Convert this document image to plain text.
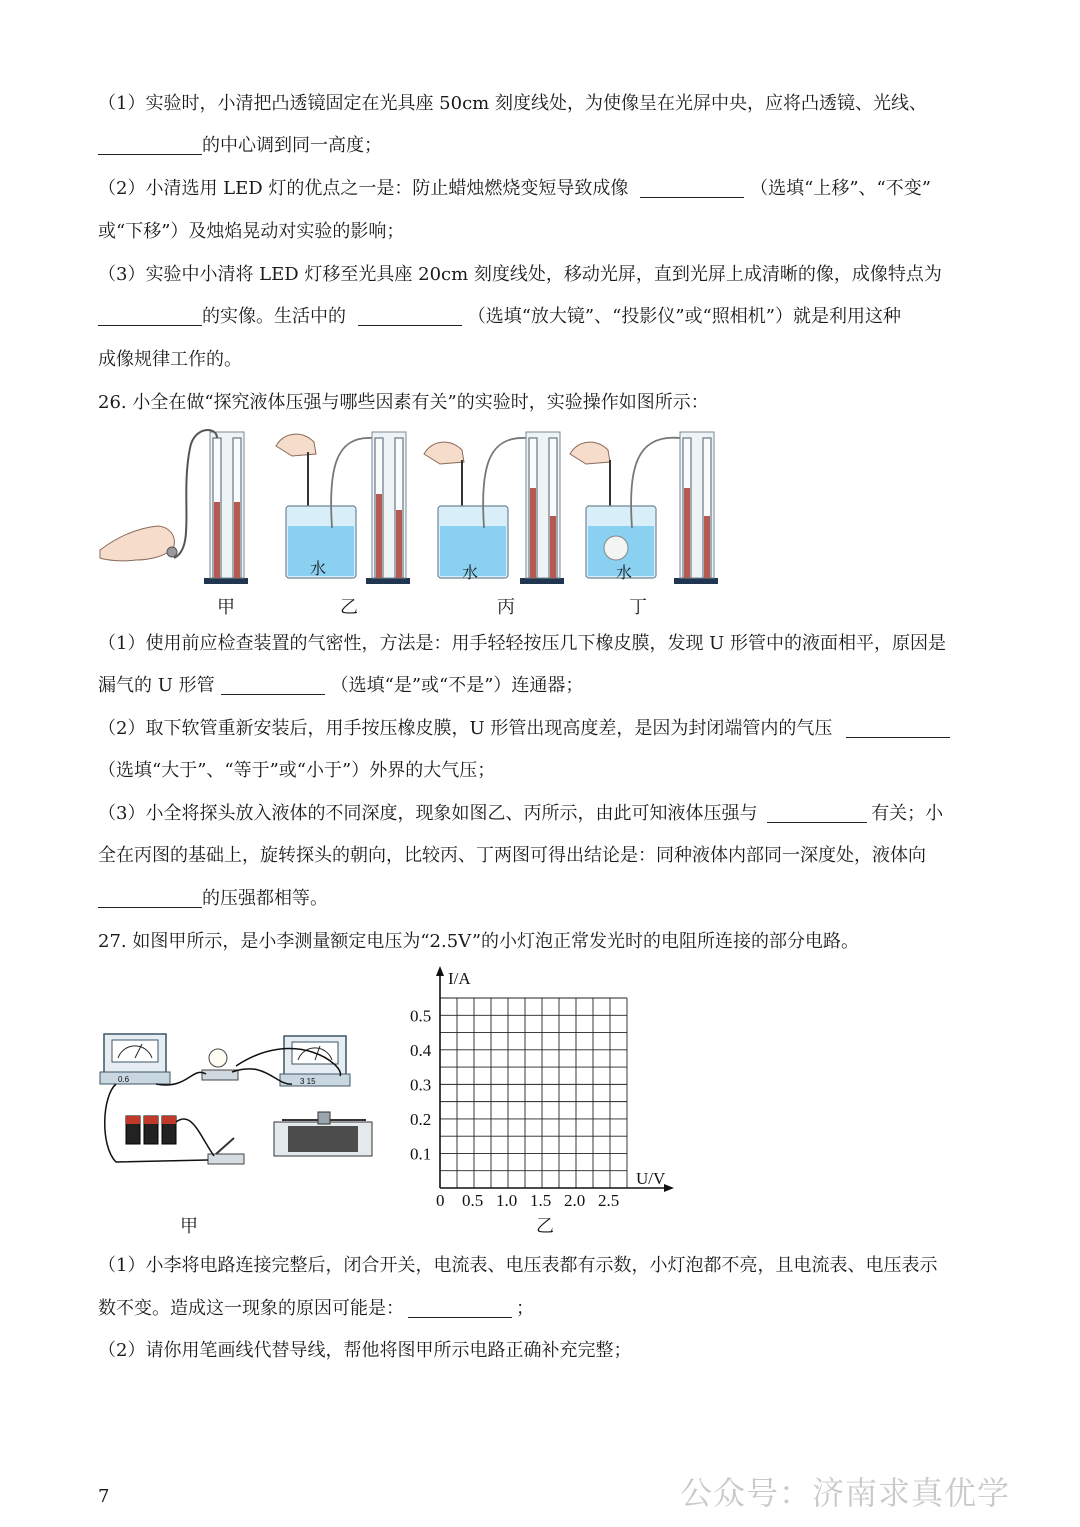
（1）实验时，小清把凸透镜固定在光具座 50cm 刻度线处，为使像呈在光屏中央，应将凸透镜、光线、
的中心调到同一高度；
（2）小清选用 LED 灯的优点之一是：防止蜡烛燃烧变短导致成像	（选填“上移”、“不变”
或“下移”）及烛焰晃动对实验的影响；
（3）实验中小清将 LED 灯移至光具座 20cm 刻度线处，移动光屏，直到光屏上成清晰的像，成像特点为
的实像。生活中的	（选填“放大镜”、“投影仪”或“照相机”）就是利用这种
成像规律工作的。
26. 小全在做“探究液体压强与哪些因素有关”的实验时，实验操作如图所示：
水	水	水
甲	乙	丙	丁
（1）使用前应检查装置的气密性，方法是：用手轻轻按压几下橡皮膜，发现 U 形管中的液面相平，原因是
漏气的 U 形管	（选填“是”或“不是”）连通器；
（2）取下软管重新安装后，用手按压橡皮膜，U 形管出现高度差，是因为封闭端管内的气压
（选填“大于”、“等于”或“小于”）外界的大气压；
（3）小全将探头放入液体的不同深度，现象如图乙、丙所示，由此可知液体压强与	有关；小
全在丙图的基础上，旋转探头的朝向，比较丙、丁两图可得出结论是：同种液体内部同一深度处，液体向
的压强都相等。
27. 如图甲所示，是小李测量额定电压为“2.5V”的小灯泡正常发光时的电阻所连接的部分电路。
0.6	3 15
甲
I/A
U/V
0.5
0.4
0.3
0.2
0.1
0 0.5 1.0 1.5 2.0 2.5
乙
（1）小李将电路连接完整后，闭合开关，电流表、电压表都有示数，小灯泡都不亮，且电流表、电压表示
数不变。造成这一现象的原因可能是：	；
（2）请你用笔画线代替导线，帮他将图甲所示电路正确补充完整；
7	公众号：济南求真优学
